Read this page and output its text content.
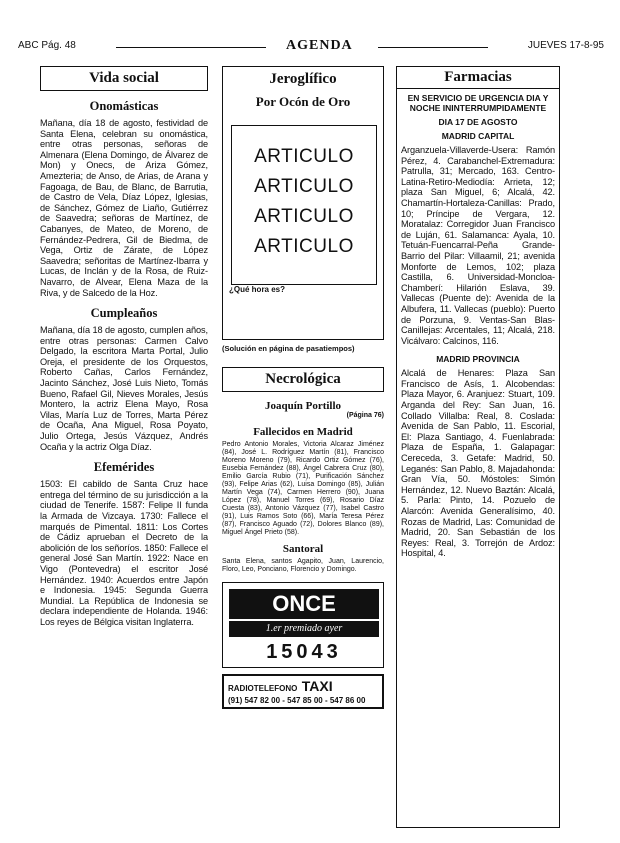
ABC Pág. 48	AGENDA	JUEVES 17-8-95
Vida social
Onomásticas
Mañana, día 18 de agosto, festividad de Santa Elena, celebran su onomástica, entre otras personas, señoras de Almenara (Elena Domingo, de Álvarez de Mon) y Onecs, de Ariza Gómez, Amezteria; de Anso, de Arias, de Arana y Fagoaga, de Bau, de Blanc, de Barrutia, de Castro de Vela, Díaz López, Iglesias, de Sánchez, Gómez de Liaño, Gutiérrez de Saavedra; señoras de Martínez, de Cabanyes, de Mateo, de Moreno, de Fernández-Pedrera, Gil de Biedma, de Vega, Ortiz de Zárate, de López Saavedra; señoritas de Martínez-Ibarra y Lucas, de Inclán y de la Rosa, de Ruiz-Navarro, de Alvear, Elena Maza de la Riva, y de Salcedo de la Hoz.
Cumpleaños
Mañana, día 18 de agosto, cumplen años, entre otras personas: Carmen Calvo Delgado, la escritora Marta Portal, Julio Oreja, el presidente de los Orquestos, Roberto Cañas, Carlos Fernández, Jacinto Sánchez, José Luis Nieto, Tomás Bueno, Rafael Gil, Nieves Morales, Jesús Montero, la actriz Elena Mayo, Rosa Vilas, María Luz de Torres, Marta Pérez de Ocaña, Ana Miguel, Rosa Poyato, Julio Ortega, Jesús Vázquez, Andrés Ocaña y la actriz Olga Díaz.
Efemérides
1503: El cabildo de Santa Cruz hace entrega del término de su jurisdicción a la ciudad de Tenerife. 1587: Felipe II funda la Armada de Vizcaya. 1730: Fallece el marqués de Pimental. 1811: Los Cortes de Cádiz aprueban el Decreto de la abolición de los señoríos. 1850: Fallece el general José San Martín. 1922: Nace en Vigo (Pontevedra) el escritor José Hernández. 1940: Acuerdos entre Japón e Indonesia. 1945: Segunda Guerra Mundial. La República de Indonesia se declara independiente de Holanda. 1946: Los reyes de Bélgica visitan Inglaterra.
Jeroglífico
Por Ocón de Oro
ARTICULO
ARTICULO
ARTICULO
ARTICULO
¿Qué hora es?
(Solución en página de pasatiempos)
Necrológica
Joaquín Portillo
(Página 76)
Fallecidos en Madrid
Pedro Antonio Morales, Victoria Alcaraz Jiménez (84), José L. Rodríguez Martín (81), Francisco Moreno Moreno (79), Ricardo Ortiz Gómez (76), Eusebia Fernández (88), Ángel Cabrera Cruz (80), Emilio García Rubio (71), Purificación Sánchez (93), Felipe Arias (62), Luisa Domingo (85), Julián Martín Vega (74), Carmen Herrero (90), Juana López (78), Manuel Torres (69), Rosario Díaz Cuesta (83), Antonio Vázquez (77), Isabel Castro (91), Luis Ramos Soto (66), María Teresa Pérez (87), Francisco Aguado (72), Dolores Blanco (89), Miguel Ángel Prieto (58).
Santoral
Santa Elena, santos Agapito, Juan, Laurencio, Floro, Leo, Ponciano, Florencio y Domingo.
ONCE
1.er premiado ayer
15043
RADIOTELEFONO TAXI
(91) 547 82 00 - 547 85 00 - 547 86 00
Farmacias
EN SERVICIO DE URGENCIA DIA Y NOCHE ININTERRUMPIDAMENTE
DIA 17 DE AGOSTO
MADRID CAPITAL
Arganzuela-Villaverde-Usera: Ramón Pérez, 4. Carabanchel-Extremadura: Patrulla, 31; Mercado, 163. Centro-Latina-Retiro-Mediodía: Arrieta, 12; plaza San Miguel, 6; Alcalá, 42. Chamartín-Hortaleza-Canillas: Prado, 10; Príncipe de Vergara, 12. Moratalaz: Corregidor Juan Francisco de Luján, 61. Salamanca: Ayala, 10. Tetuán-Fuencarral-Peña Grande-Barrio del Pilar: Villaamil, 21; avenida Monforte de Lemos, 102; plaza Castilla, 6. Universidad-Moncloa-Chamberí: Hilarión Eslava, 39. Vallecas (Puente de): Avenida de la Albufera, 11. Vallecas (pueblo): Puerto de Porzuna, 9. Ventas-San Blas-Canillejas: Arcentales, 11; Alcalá, 218. Vicálvaro: Calcinos, 116.
MADRID PROVINCIA
Alcalá de Henares: Plaza San Francisco de Asís, 1. Alcobendas: Plaza Mayor, 6. Aranjuez: Stuart, 109. Arganda del Rey: San Juan, 16. Collado Villalba: Real, 8. Coslada: Avenida de San Pablo, 11. Escorial, El: Plaza Santiago, 4. Fuenlabrada: Plaza de España, 1. Galapagar: Cereceda, 3. Getafe: Madrid, 50. Leganés: San Pablo, 8. Majadahonda: Gran Vía, 50. Móstoles: Simón Hernández, 12. Nuevo Baztán: Alcalá, 5. Parla: Pinto, 14. Pozuelo de Alarcón: Avenida Generalísimo, 40. Rozas de Madrid, Las: Comunidad de Madrid, 20. San Sebastián de los Reyes: Real, 3. Torrejón de Ardoz: Hospital, 4.
